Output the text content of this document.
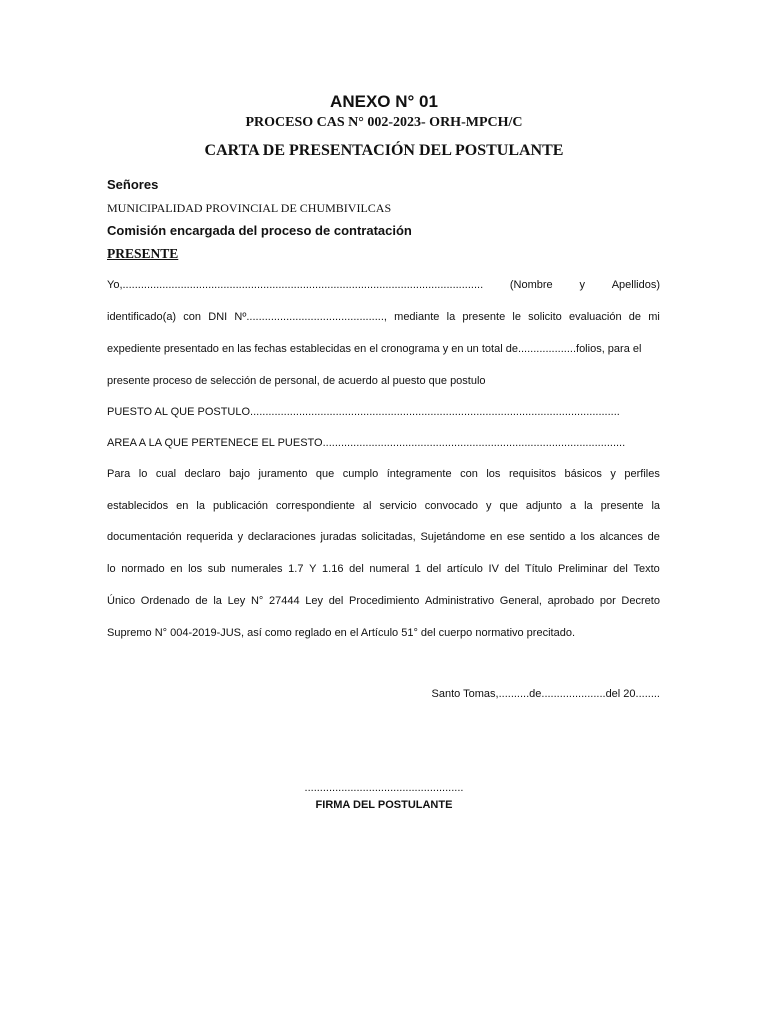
ANEXO N° 01
PROCESO CAS N° 002-2023- ORH-MPCH/C
CARTA DE PRESENTACIÓN DEL POSTULANTE
Señores
MUNICIPALIDAD PROVINCIAL DE CHUMBIVILCAS
Comisión encargada del proceso de contratación
PRESENTE
Yo,...................................................................................................................... (Nombre y Apellidos)
identificado(a) con DNI Nº............................................., mediante la presente le solicito evaluación de mi
expediente presentado en las fechas establecidas en el cronograma y en un total de...................folios, para el
presente proceso de selección de personal, de acuerdo al puesto que postulo
PUESTO AL QUE POSTULO.........................................................................................................................
AREA A LA QUE PERTENECE EL PUESTO...................................................................................................
Para lo cual declaro bajo juramento que cumplo íntegramente con los requisitos básicos y perfiles
establecidos en la publicación correspondiente al servicio convocado y que adjunto a la presente la
documentación requerida y declaraciones juradas solicitadas, Sujetándome en ese sentido a los alcances de
lo normado en los sub numerales 1.7 Y 1.16 del numeral 1 del artículo IV del Título Preliminar del Texto
Único Ordenado de la Ley N° 27444 Ley del Procedimiento Administrativo General, aprobado por Decreto
Supremo N° 004-2019-JUS, así como reglado en el Artículo 51° del cuerpo normativo precitado.
Santo Tomas,..........de.....................del 20........
....................................................
FIRMA DEL POSTULANTE
